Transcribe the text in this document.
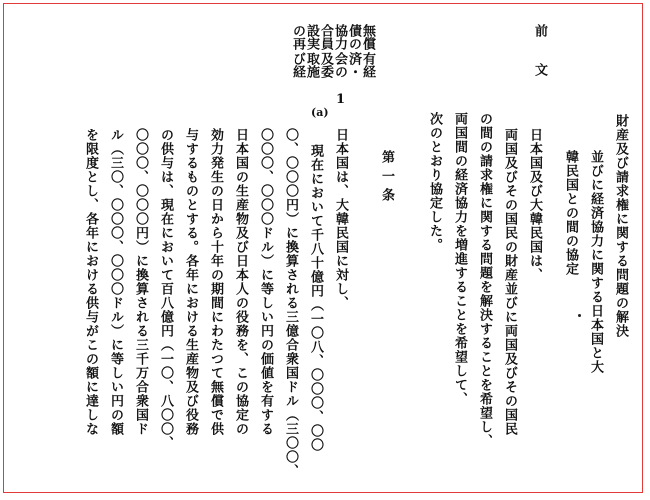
財産及び請求権に関する問題の解決
並びに経済協力に関する日本国と大
韓民国との間の協定
前文
日本国及び大韓民国は、
両国及びその国民の財産並びに両国及びその国民
の間の請求権に関する問題を解決することを希望し、
両国間の経済協力を増進することを希望して、
次のとおり協定した。
無償
債の
有経
済・
協力
会の
合員
及委
設実
取施
の再
び経
第一条
1
(a)
日本国は、大韓民国に対し、
現在において千八十億円（一〇八、〇〇〇、〇〇
〇、〇〇〇円）に換算される三億合衆国ドル（三〇〇、
〇〇〇、〇〇〇ドル）に等しい円の価値を有する
日本国の生産物及び日本人の役務を、この協定の
効力発生の日から十年の期間にわたつて無償で供
与するものとする。各年における生産物及び役務
の供与は、現在において百八億円（一〇、八〇〇、
〇〇〇、〇〇〇円）に換算される三千万合衆国ド
ル（三〇、〇〇〇、〇〇〇ドル）に等しい円の額
を限度とし、各年における供与がこの額に達しな
